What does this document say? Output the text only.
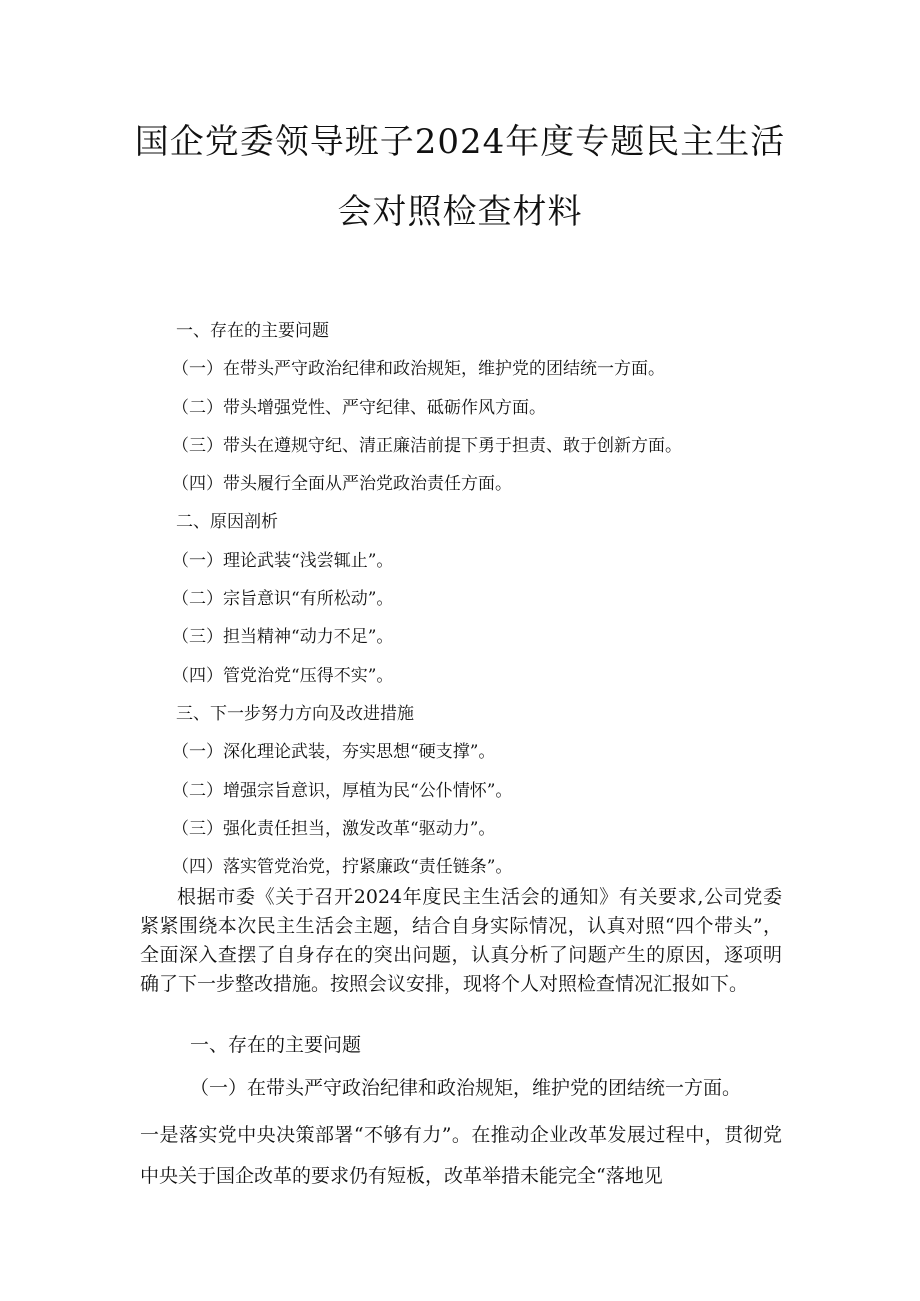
国企党委领导班子2024年度专题民主生活
会对照检查材料
一、存在的主要问题
（一）在带头严守政治纪律和政治规矩，维护党的团结统一方面。
（二）带头增强党性、严守纪律、砥砺作风方面。
（三）带头在遵规守纪、清正廉洁前提下勇于担责、敢于创新方面。
（四）带头履行全面从严治党政治责任方面。
二、原因剖析
（一）理论武装“浅尝辄止”。
（二）宗旨意识“有所松动”。
（三）担当精神“动力不足”。
（四）管党治党“压得不实”。
三、下一步努力方向及改进措施
（一）深化理论武装，夯实思想“硬支撑”。
（二）增强宗旨意识，厚植为民“公仆情怀”。
（三）强化责任担当，激发改革“驱动力”。
（四）落实管党治党，拧紧廉政“责任链条”。
根据市委《关于召开2024年度民主生活会的通知》有关要求,公司党委紧紧围绕本次民主生活会主题，结合自身实际情况，认真对照“四个带头”，全面深入查摆了自身存在的突出问题，认真分析了问题产生的原因，逐项明确了下一步整改措施。按照会议安排，现将个人对照检查情况汇报如下。
一、存在的主要问题
（一）在带头严守政治纪律和政治规矩，维护党的团结统一方面。
一是落实党中央决策部署“不够有力”。在推动企业改革发展过程中，贯彻党中央关于国企改革的要求仍有短板，改革举措未能完全“落地见
